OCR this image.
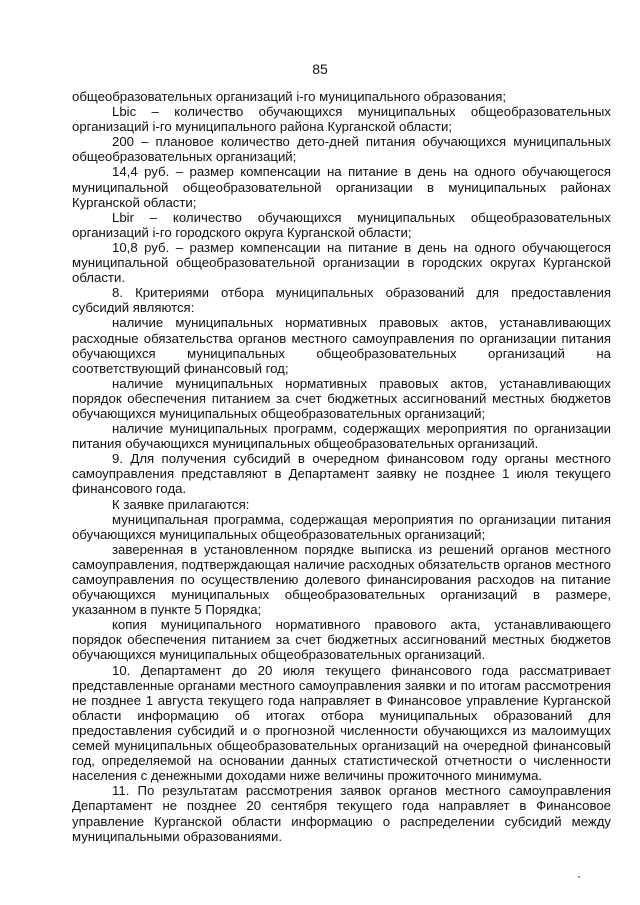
85

общеобразовательных организаций i-го муниципального образования;

Lbic – количество обучающихся муниципальных общеобразовательных организаций i-го муниципального района Курганской области;

200 – плановое количество дето-дней питания обучающихся муниципальных общеобразовательных организаций;

14,4 руб. – размер компенсации на питание в день на одного обучающегося муниципальной общеобразовательной организации в муниципальных районах Курганской области;

Lbir – количество обучающихся муниципальных общеобразовательных организаций i-го городского округа Курганской области;

10,8 руб. – размер компенсации на питание в день на одного обучающегося муниципальной общеобразовательной организации в городских округах Курганской области.

8. Критериями отбора муниципальных образований для предоставления субсидий являются:

наличие муниципальных нормативных правовых актов, устанавливающих расходные обязательства органов местного самоуправления по организации питания обучающихся муниципальных общеобразовательных организаций на соответствующий финансовый год;

наличие муниципальных нормативных правовых актов, устанавливающих порядок обеспечения питанием за счет бюджетных ассигнований местных бюджетов обучающихся муниципальных общеобразовательных организаций;

наличие муниципальных программ, содержащих мероприятия по организации питания обучающихся муниципальных общеобразовательных организаций.

9. Для получения субсидий в очередном финансовом году органы местного самоуправления представляют в Департамент заявку не позднее 1 июля текущего финансового года.

К заявке прилагаются:

муниципальная программа, содержащая мероприятия по организации питания обучающихся муниципальных общеобразовательных организаций;

заверенная в установленном порядке выписка из решений органов местного самоуправления, подтверждающая наличие расходных обязательств органов местного самоуправления по осуществлению долевого финансирования расходов на питание обучающихся муниципальных общеобразовательных организаций в размере, указанном в пункте 5 Порядка;

копия муниципального нормативного правового акта, устанавливающего порядок обеспечения питанием за счет бюджетных ассигнований местных бюджетов обучающихся муниципальных общеобразовательных организаций.

10. Департамент до 20 июля текущего финансового года рассматривает представленные органами местного самоуправления заявки и по итогам рассмотрения не позднее 1 августа текущего года направляет в Финансовое управление Курганской области информацию об итогах отбора муниципальных образований для предоставления субсидий и о прогнозной численности обучающихся из малоимущих семей муниципальных общеобразовательных организаций на очередной финансовый год, определяемой на основании данных статистической отчетности о численности населения с денежными доходами ниже величины прожиточного минимума.

11. По результатам рассмотрения заявок органов местного самоуправления Департамент не позднее 20 сентября текущего года направляет в Финансовое управление Курганской области информацию о распределении субсидий между муниципальными образованиями.
